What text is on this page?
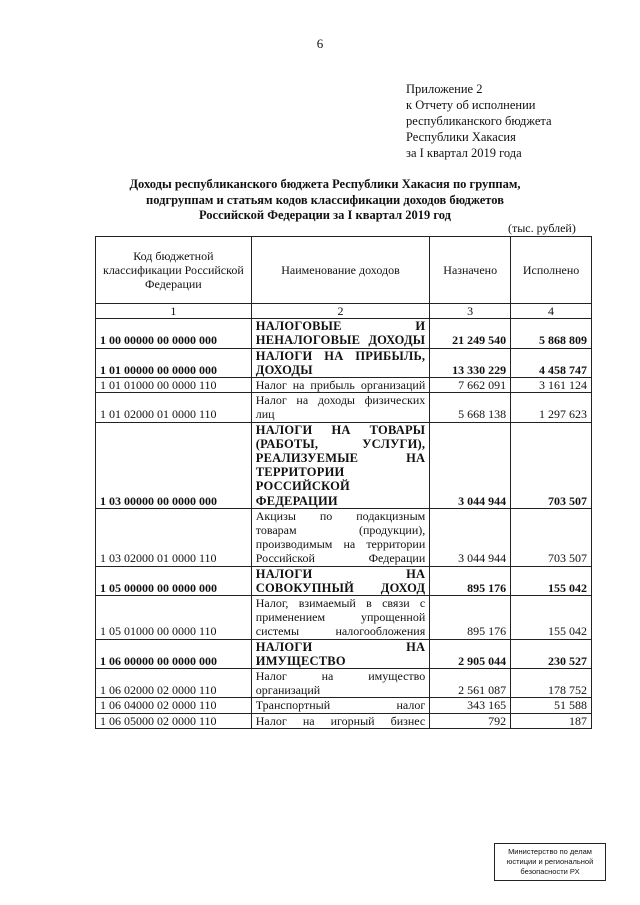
6
Приложение 2
к Отчету об исполнении
республиканского бюджета
Республики Хакасия
за I квартал 2019 года
Доходы республиканского бюджета Республики Хакасия по группам,
подгруппам и статьям кодов классификации доходов бюджетов
Российской Федерации за I квартал 2019 год
(тыс. рублей)
Код бюджетной классификации Российской Федерации	Наименование доходов	Назначено	Исполнено
1	2	3	4
1 00 00000 00 0000 000	НАЛОГОВЫЕ И НЕНАЛОГОВЫЕ ДОХОДЫ	21 249 540	5 868 809
1 01 00000 00 0000 000	НАЛОГИ НА ПРИБЫЛЬ, ДОХОДЫ	13 330 229	4 458 747
1 01 01000 00 0000 110	Налог на прибыль организаций	7 662 091	3 161 124
1 01 02000 01 0000 110	Налог на доходы физических лиц	5 668 138	1 297 623
1 03 00000 00 0000 000	НАЛОГИ НА ТОВАРЫ (РАБОТЫ, УСЛУГИ), РЕАЛИЗУЕМЫЕ НА ТЕРРИТОРИИ РОССИЙСКОЙ ФЕДЕРАЦИИ	3 044 944	703 507
1 03 02000 01 0000 110	Акцизы по подакцизным товарам (продукции), производимым на территории Российской Федерации	3 044 944	703 507
1 05 00000 00 0000 000	НАЛОГИ НА СОВОКУПНЫЙ ДОХОД	895 176	155 042
1 05 01000 00 0000 110	Налог, взимаемый в связи с применением упрощенной системы налогообложения	895 176	155 042
1 06 00000 00 0000 000	НАЛОГИ НА ИМУЩЕСТВО	2 905 044	230 527
1 06 02000 02 0000 110	Налог на имущество организаций	2 561 087	178 752
1 06 04000 02 0000 110	Транспортный налог	343 165	51 588
1 06 05000 02 0000 110	Налог на игорный бизнес	792	187
Министерство по делам
юстиции и региональной
безопасности РХ
